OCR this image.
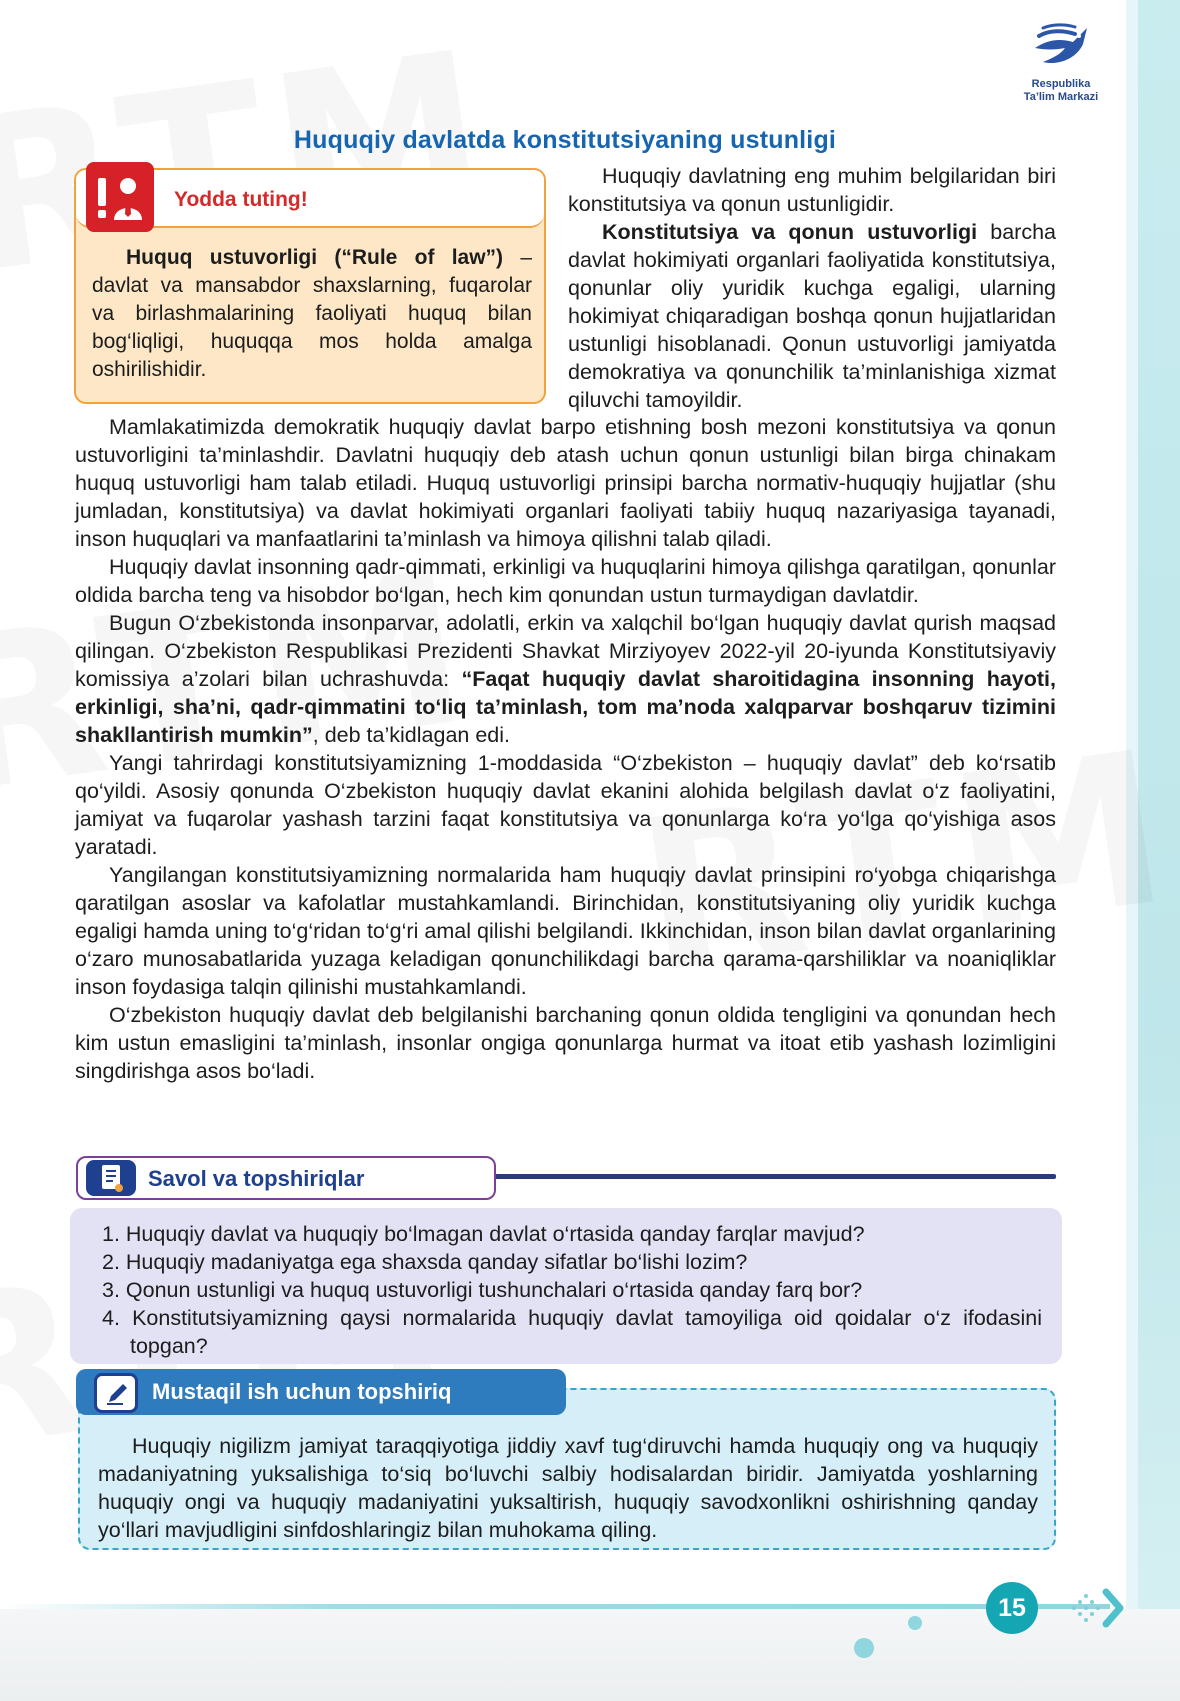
Respublika
Ta’lim Markazi
Huquqiy davlatda konstitutsiyaning ustunligi
Yodda tuting!
Huquq ustuvorligi (“Rule of law”) – davlat va mansabdor shaxslarning, fuqarolar va birlashmalarining faoliyati huquq bilan bog‘liqligi, huquqqa mos holda amalga oshirilishidir.

Huquqiy davlatning eng muhim belgilaridan biri konstitutsiya va qonun ustunligidir.

Konstitutsiya va qonun ustuvorligi barcha davlat hokimiyati organlari faoliyatida konstitutsiya, qonunlar oliy yuridik kuchga egaligi, ularning hokimiyat chiqaradigan boshqa qonun hujjatlaridan ustunligi hisoblanadi. Qonun ustuvorligi jamiyatda demokratiya va qonunchilik ta’minlanishiga xizmat qiluvchi tamoyildir.

Mamlakatimizda demokratik huquqiy davlat barpo etishning bosh mezoni konstitutsiya va qonun ustuvorligini ta’minlashdir. Davlatni huquqiy deb atash uchun qonun ustunligi bilan birga chinakam huquq ustuvorligi ham talab etiladi. Huquq ustuvorligi prinsipi barcha normativ-huquqiy hujjatlar (shu jumladan, konstitutsiya) va davlat hokimiyati organlari faoliyati tabiiy huquq nazariyasiga tayanadi, inson huquqlari va manfaatlarini ta’minlash va himoya qilishni talab qiladi.

Huquqiy davlat insonning qadr-qimmati, erkinligi va huquqlarini himoya qilishga qaratilgan, qonunlar oldida barcha teng va hisobdor bo‘lgan, hech kim qonundan ustun turmaydigan davlatdir.

Bugun O‘zbekistonda insonparvar, adolatli, erkin va xalqchil bo‘lgan huquqiy davlat qurish maqsad qilingan. O‘zbekiston Respublikasi Prezidenti Shavkat Mirziyoyev 2022-yil 20-iyunda Konstitutsiyaviy komissiya a’zolari bilan uchrashuvda: “Faqat huquqiy davlat sharoitidagina insonning hayoti, erkinligi, sha’ni, qadr-qimmatini to‘liq ta’minlash, tom ma’noda xalqparvar boshqaruv tizimini shakllantirish mumkin”, deb ta’kidlagan edi.

Yangi tahrirdagi konstitutsiyamizning 1-moddasida “O‘zbekiston – huquqiy davlat” deb ko‘rsatib qo‘yildi. Asosiy qonunda O‘zbekiston huquqiy davlat ekanini alohida belgilash davlat o‘z faoliyatini, jamiyat va fuqarolar yashash tarzini faqat konstitutsiya va qonunlarga ko‘ra yo‘lga qo‘yishiga asos yaratadi.

Yangilangan konstitutsiyamizning normalarida ham huquqiy davlat prinsipini ro‘yobga chiqarishga qaratilgan asoslar va kafolatlar mustahkamlandi. Birinchidan, konstitutsiyaning oliy yuridik kuchga egaligi hamda uning to‘g‘ridan to‘g‘ri amal qilishi belgilandi. Ikkinchidan, inson bilan davlat organlarining o‘zaro munosabatlarida yuzaga keladigan qonunchilikdagi barcha qarama-qarshiliklar va noaniqliklar inson foydasiga talqin qilinishi mustahkamlandi.

O‘zbekiston huquqiy davlat deb belgilanishi barchaning qonun oldida tengligini va qonundan hech kim ustun emasligini ta’minlash, insonlar ongiga qonunlarga hurmat va itoat etib yashash lozimligini singdirishga asos bo‘ladi.

Savol va topshiriqlar
1. Huquqiy davlat va huquqiy bo‘lmagan davlat o‘rtasida qanday farqlar mavjud?
2. Huquqiy madaniyatga ega shaxsda qanday sifatlar bo‘lishi lozim?
3. Qonun ustunligi va huquq ustuvorligi tushunchalari o‘rtasida qanday farq bor?
4. Konstitutsiyamizning qaysi normalarida huquqiy davlat tamoyiliga oid qoidalar o‘z ifodasini topgan?

Huquqiy nigilizm jamiyat taraqqiyotiga jiddiy xavf tug‘diruvchi hamda huquqiy ong va huquqiy madaniyatning yuksalishiga to‘siq bo‘luvchi salbiy hodisalardan biridir. Jamiyatda yoshlarning huquqiy ongi va huquqiy madaniyatini yuksaltirish, huquqiy savodxonlikni oshirishning qanday yo‘llari mavjudligini sinfdoshlaringiz bilan muhokama qiling.

Mustaqil ish uchun topshiriq
15
